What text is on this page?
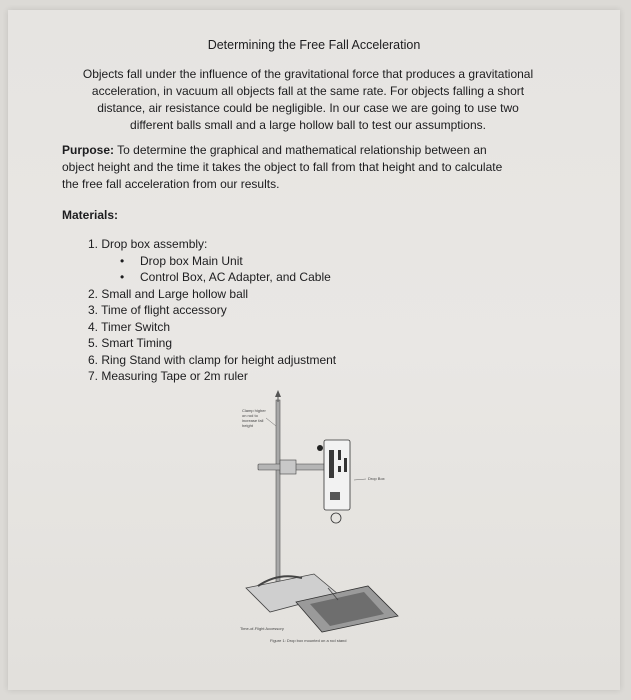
Determining the Free Fall Acceleration
Objects fall under the influence of the gravitational force that produces a gravitational
acceleration, in vacuum all objects fall at the same rate. For objects falling a short
distance, air resistance could be negligible. In our case we are going to use two
different balls small and a large hollow ball to test our assumptions.
Purpose: To determine the graphical and mathematical relationship between an
object height and the time it takes the object to fall from that height and to calculate
the free fall acceleration from our results.
Materials:
1. Drop box assembly:
• Drop box Main Unit
• Control Box, AC Adapter, and Cable
2. Small and Large hollow ball
3. Time of flight accessory
4. Timer Switch
5. Smart Timing
6. Ring Stand with clamp for height adjustment
7. Measuring Tape or 2m ruler
Clamp higher
on rod to
increase fall
height
Drop Box
Time-of-Flight Accessory
Figure 1: Drop box mounted on a rod stand
